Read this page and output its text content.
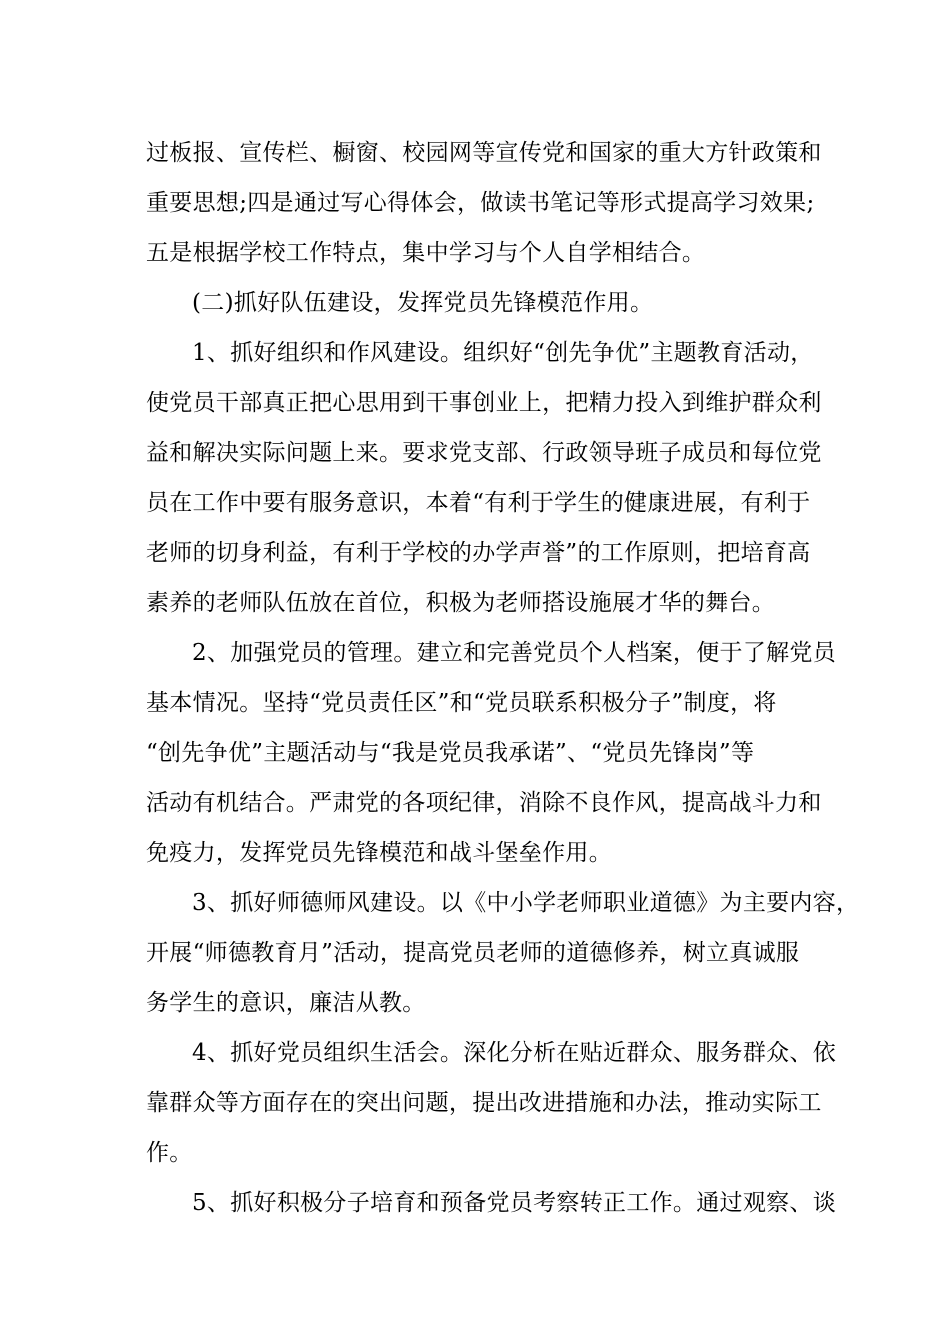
过板报、宣传栏、橱窗、校园网等宣传党和国家的重大方针政策和
重要思想;四是通过写心得体会，做读书笔记等形式提高学习效果;
五是根据学校工作特点，集中学习与个人自学相结合。
(二)抓好队伍建设，发挥党员先锋模范作用。
1、抓好组织和作风建设。组织好“创先争优”主题教育活动，
使党员干部真正把心思用到干事创业上，把精力投入到维护群众利
益和解决实际问题上来。要求党支部、行政领导班子成员和每位党
员在工作中要有服务意识，本着“有利于学生的健康进展，有利于
老师的切身利益，有利于学校的办学声誉”的工作原则，把培育高
素养的老师队伍放在首位，积极为老师搭设施展才华的舞台。
2、加强党员的管理。建立和完善党员个人档案，便于了解党员
基本情况。坚持“党员责任区”和“党员联系积极分子”制度，将
“创先争优”主题活动与“我是党员我承诺”、“党员先锋岗”等
活动有机结合。严肃党的各项纪律，消除不良作风，提高战斗力和
免疫力，发挥党员先锋模范和战斗堡垒作用。
3、抓好师德师风建设。以《中小学老师职业道德》为主要内容，
开展“师德教育月”活动，提高党员老师的道德修养，树立真诚服
务学生的意识，廉洁从教。
4、抓好党员组织生活会。深化分析在贴近群众、服务群众、依
靠群众等方面存在的突出问题，提出改进措施和办法，推动实际工
作。
5、抓好积极分子培育和预备党员考察转正工作。通过观察、谈
